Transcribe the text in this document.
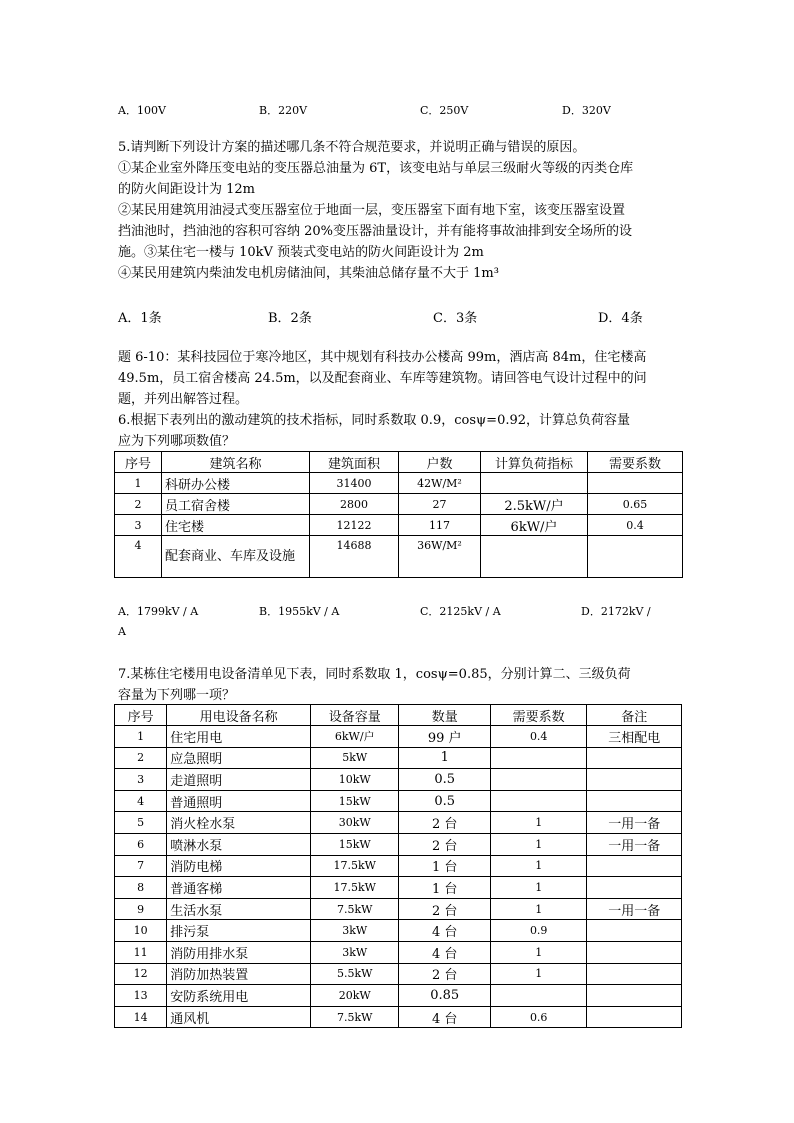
A．100V	B．220V	C．250V	D．320V
5.请判断下列设计方案的描述哪几条不符合规范要求，并说明正确与错误的原因。
①某企业室外降压变电站的变压器总油量为 6T，该变电站与单层三级耐火等级的丙类仓库
的防火间距设计为 12m
②某民用建筑用油浸式变压器室位于地面一层，变压器室下面有地下室，该变压器室设置
挡油池时，挡油池的容积可容纳 20%变压器油量设计，并有能将事故油排到安全场所的设
施。③某住宅一楼与 10kV 预装式变电站的防火间距设计为 2m
④某民用建筑内柴油发电机房储油间，其柴油总储存量不大于 1m³
A．1条	B．2条	C．3条	D．4条
题 6-10：某科技园位于寒冷地区，其中规划有科技办公楼高 99m，酒店高 84m，住宅楼高
49.5m，员工宿舍楼高 24.5m，以及配套商业、车库等建筑物。请回答电气设计过程中的问
题，并列出解答过程。
6.根据下表列出的激动建筑的技术指标，同时系数取 0.9，cosψ=0.92，计算总负荷容量
应为下列哪项数值？
序号	建筑名称	建筑面积	户数	计算负荷指标	需要系数
1	科研办公楼	31400	42W/M²		
2	员工宿舍楼	2800	27	2.5kW/户	0.65
3	住宅楼	12122	117	6kW/户	0.4
4	配套商业、车库及设施	14688	36W/M²		
A．1799kV / A	B．1955kV / A	C．2125kV / A	D．2172kV /
A
7.某栋住宅楼用电设备清单见下表，同时系数取 1，cosψ=0.85，分别计算二、三级负荷
容量为下列哪一项？
序号	用电设备名称	设备容量	数量	需要系数	备注
1	住宅用电	6kW/户	99 户	0.4	三相配电
2	应急照明	5kW	1		
3	走道照明	10kW	0.5		
4	普通照明	15kW	0.5		
5	消火栓水泵	30kW	2 台	1	一用一备
6	喷淋水泵	15kW	2 台	1	一用一备
7	消防电梯	17.5kW	1 台	1	
8	普通客梯	17.5kW	1 台	1	
9	生活水泵	7.5kW	2 台	1	一用一备
10	排污泵	3kW	4 台	0.9	
11	消防用排水泵	3kW	4 台	1	
12	消防加热装置	5.5kW	2 台	1	
13	安防系统用电	20kW	0.85		
14	通风机	7.5kW	4 台	0.6	
